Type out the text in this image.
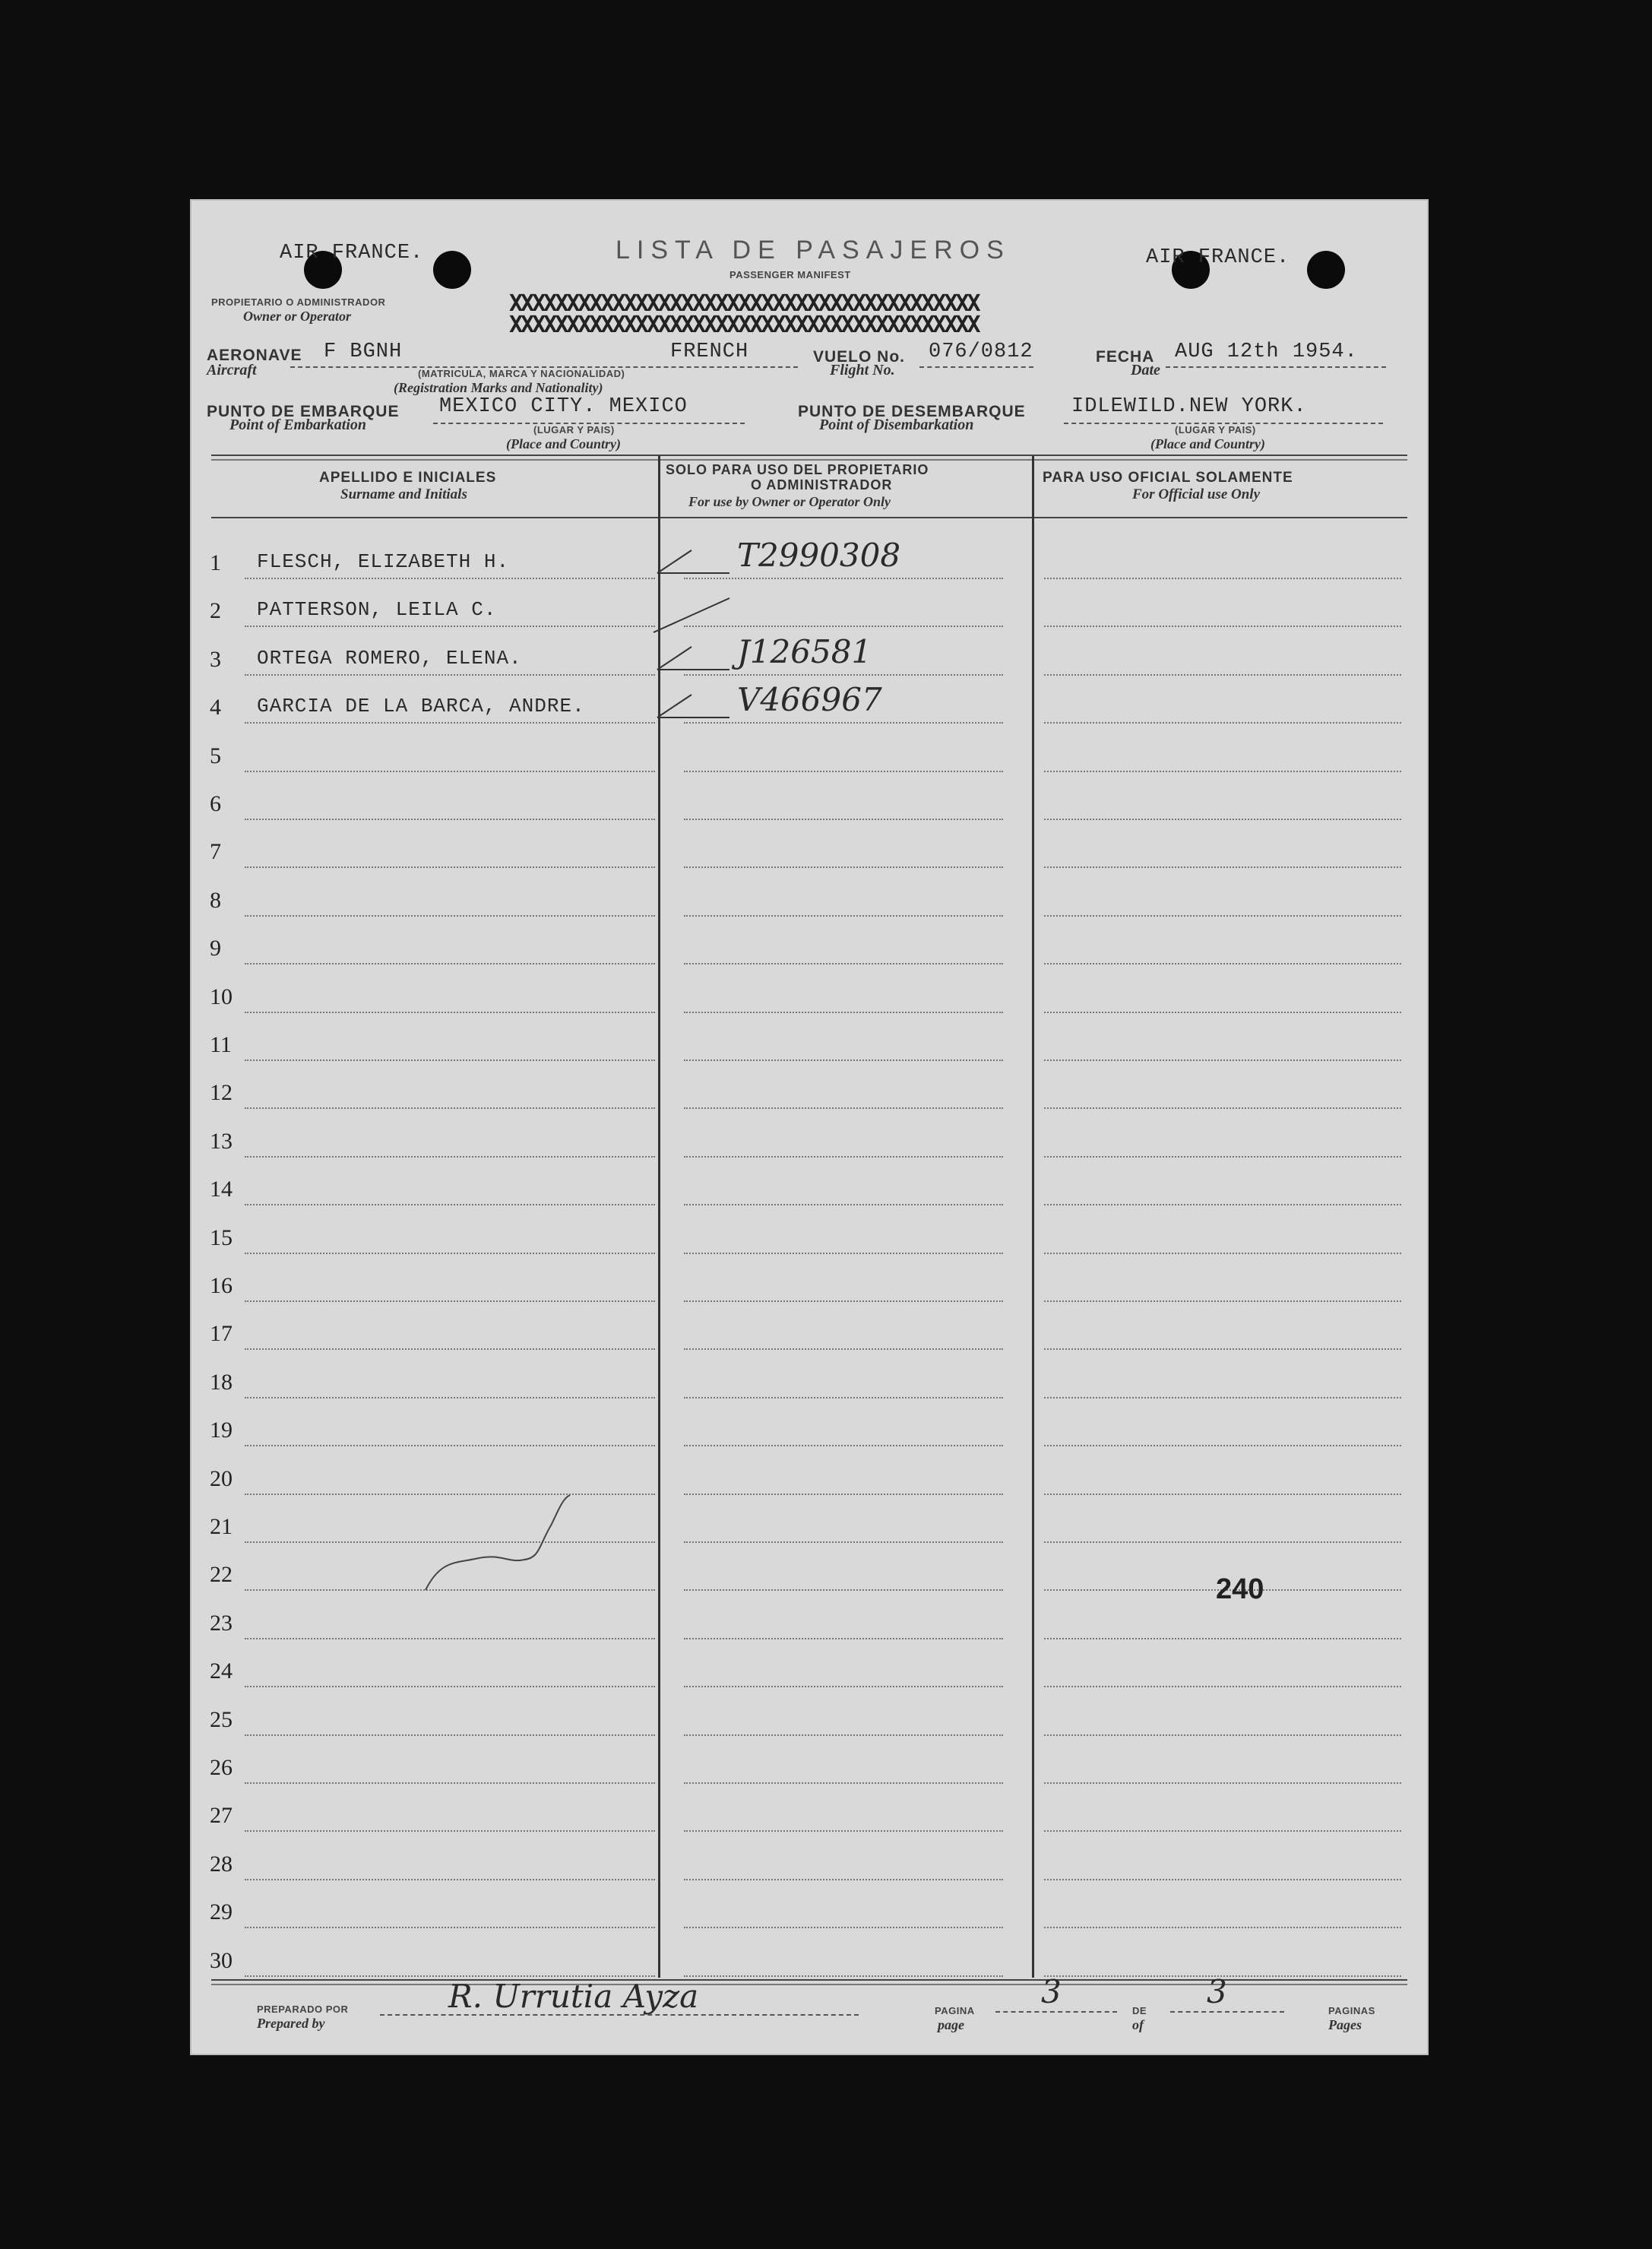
AIR FRANCE.	AIR FRANCE.
LISTA DE PASAJEROS
PASSENGER MANIFEST
PROPIETARIO O ADMINISTRADOR
Owner or Operator	XXXXXXXXXXXXXXXXXXXXXXXXXXXXXXXXXXXXXXXXX
XXXXXXXXXXXXXXXXXXXXXXXXXXXXXXXXXXXXXXXXX
AERONAVE
Aircraft
F BGNH	FRENCH
(MATRICULA, MARCA Y NACIONALIDAD)
(Registration Marks and Nationality)
VUELO No.
Flight No.
076/0812	FECHA
Date
AUG 12th 1954.
PUNTO DE EMBARQUE
Point of Embarkation
MEXICO CITY. MEXICO
(LUGAR Y PAIS)
(Place and Country)
PUNTO DE DESEMBARQUE
Point of Disembarkation
IDLEWILD.NEW YORK.
(LUGAR Y PAIS)
(Place and Country)
APELLIDO E INICIALES
Surname and Initials
SOLO PARA USO DEL PROPIETARIO
O ADMINISTRADOR
For use by Owner or Operator Only
PARA USO OFICIAL SOLAMENTE
For Official use Only
1	FLESCH, ELIZABETH H.	T2990308
2	PATTERSON, LEILA C.
3	ORTEGA ROMERO, ELENA.	J126581
4	GARCIA DE LA BARCA, ANDRE.	V466967
5
6
7
8
9
10
11
12
13
14
15
16
17
18
19
20
21
22
23
24
25
26
27
28
29
30
240
PREPARADO POR
Prepared by
R. Urrutia Ayza	PAGINA
page
3
DE
of
3
PAGINAS
Pages
